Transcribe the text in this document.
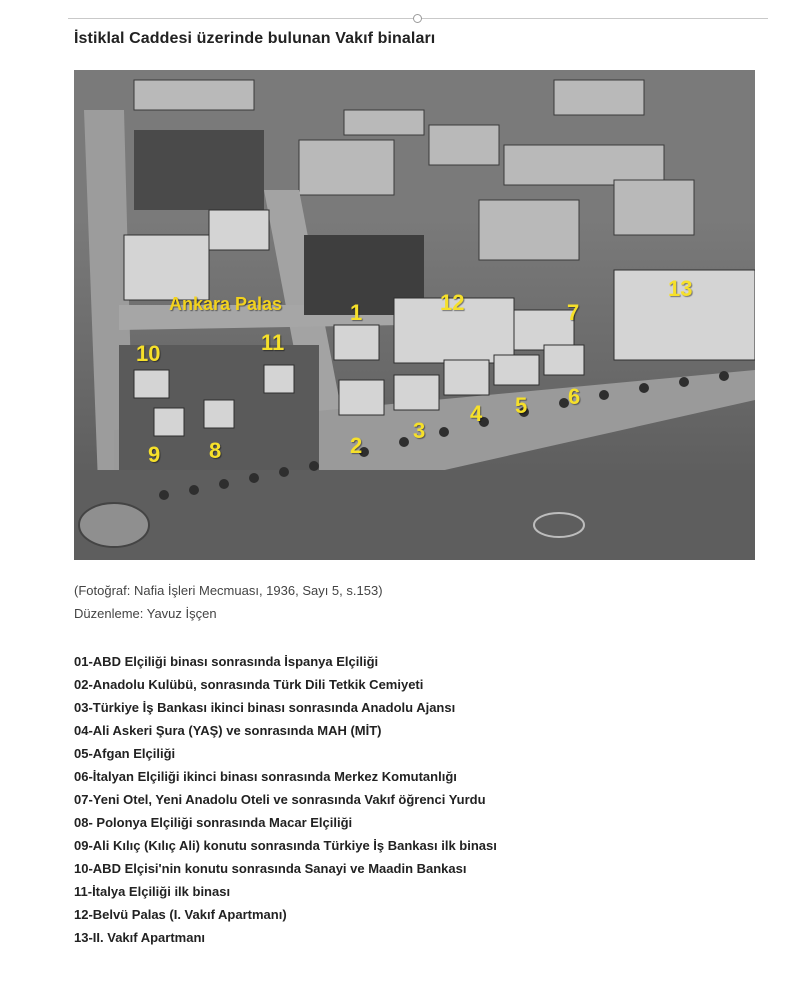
İstiklal Caddesi üzerinde bulunan Vakıf binaları
Ankara Palas	1
2
3
4 5 6
7
8
9
10	11
12
13
(Fotoğraf: Nafia İşleri Mecmuası, 1936, Sayı 5, s.153)
Düzenleme: Yavuz İşçen
01-ABD Elçiliği binası sonrasında İspanya Elçiliği
02-Anadolu Kulübü, sonrasında Türk Dili Tetkik Cemiyeti
03-Türkiye İş Bankası ikinci binası sonrasında Anadolu Ajansı
04-Ali Askeri Şura (YAŞ) ve sonrasında MAH (MİT)
05-Afgan Elçiliği
06-İtalyan Elçiliği ikinci binası sonrasında Merkez Komutanlığı
07-Yeni Otel, Yeni Anadolu Oteli ve sonrasında Vakıf öğrenci Yurdu
08- Polonya Elçiliği sonrasında Macar Elçiliği
09-Ali Kılıç (Kılıç Ali) konutu sonrasında Türkiye İş Bankası ilk binası
10-ABD Elçisi'nin konutu sonrasında Sanayi ve Maadin Bankası
11-İtalya Elçiliği ilk binası
12-Belvü Palas (I. Vakıf Apartmanı)
13-II. Vakıf Apartmanı
